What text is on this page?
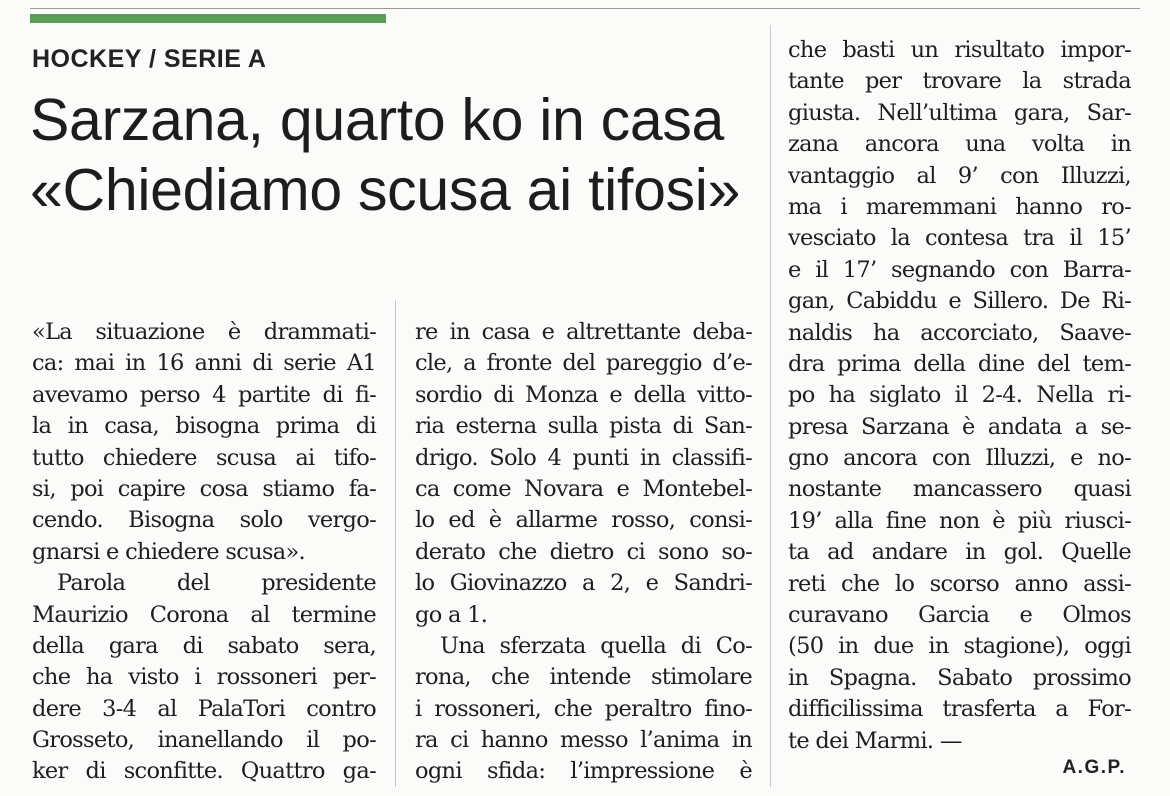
HOCKEY / SERIE A
Sarzana, quarto ko in casa
«Chiediamo scusa ai tifosi»
«La situazione è drammati-
ca: mai in 16 anni di serie A1
avevamo perso 4 partite di fi-
la in casa, bisogna prima di
tutto chiedere scusa ai tifo-
si, poi capire cosa stiamo fa-
cendo. Bisogna solo vergo-
gnarsi e chiedere scusa».
Parola del presidente
Maurizio Corona al termine
della gara di sabato sera,
che ha visto i rossoneri per-
dere 3-4 al PalaTori contro
Grosseto, inanellando il po-
ker di sconfitte. Quattro ga-
re in casa e altrettante deba-
cle, a fronte del pareggio d’e-
sordio di Monza e della vitto-
ria esterna sulla pista di San-
drigo. Solo 4 punti in classifi-
ca come Novara e Montebel-
lo ed è allarme rosso, consi-
derato che dietro ci sono so-
lo Giovinazzo a 2, e Sandri-
go a 1.
Una sferzata quella di Co-
rona, che intende stimolare
i rossoneri, che peraltro fino-
ra ci hanno messo l’anima in
ogni sfida: l’impressione è
che basti un risultato impor-
tante per trovare la strada
giusta. Nell’ultima gara, Sar-
zana ancora una volta in
vantaggio al 9’ con Illuzzi,
ma i maremmani hanno ro-
vesciato la contesa tra il 15’
e il 17’ segnando con Barra-
gan, Cabiddu e Sillero. De Ri-
naldis ha accorciato, Saave-
dra prima della dine del tem-
po ha siglato il 2-4. Nella ri-
presa Sarzana è andata a se-
gno ancora con Illuzzi, e no-
nostante mancassero quasi
19’ alla fine non è più riusci-
ta ad andare in gol. Quelle
reti che lo scorso anno assi-
curavano Garcia e Olmos
(50 in due in stagione), oggi
in Spagna. Sabato prossimo
difficilissima trasferta a For-
te dei Marmi. —
A.G.P.
